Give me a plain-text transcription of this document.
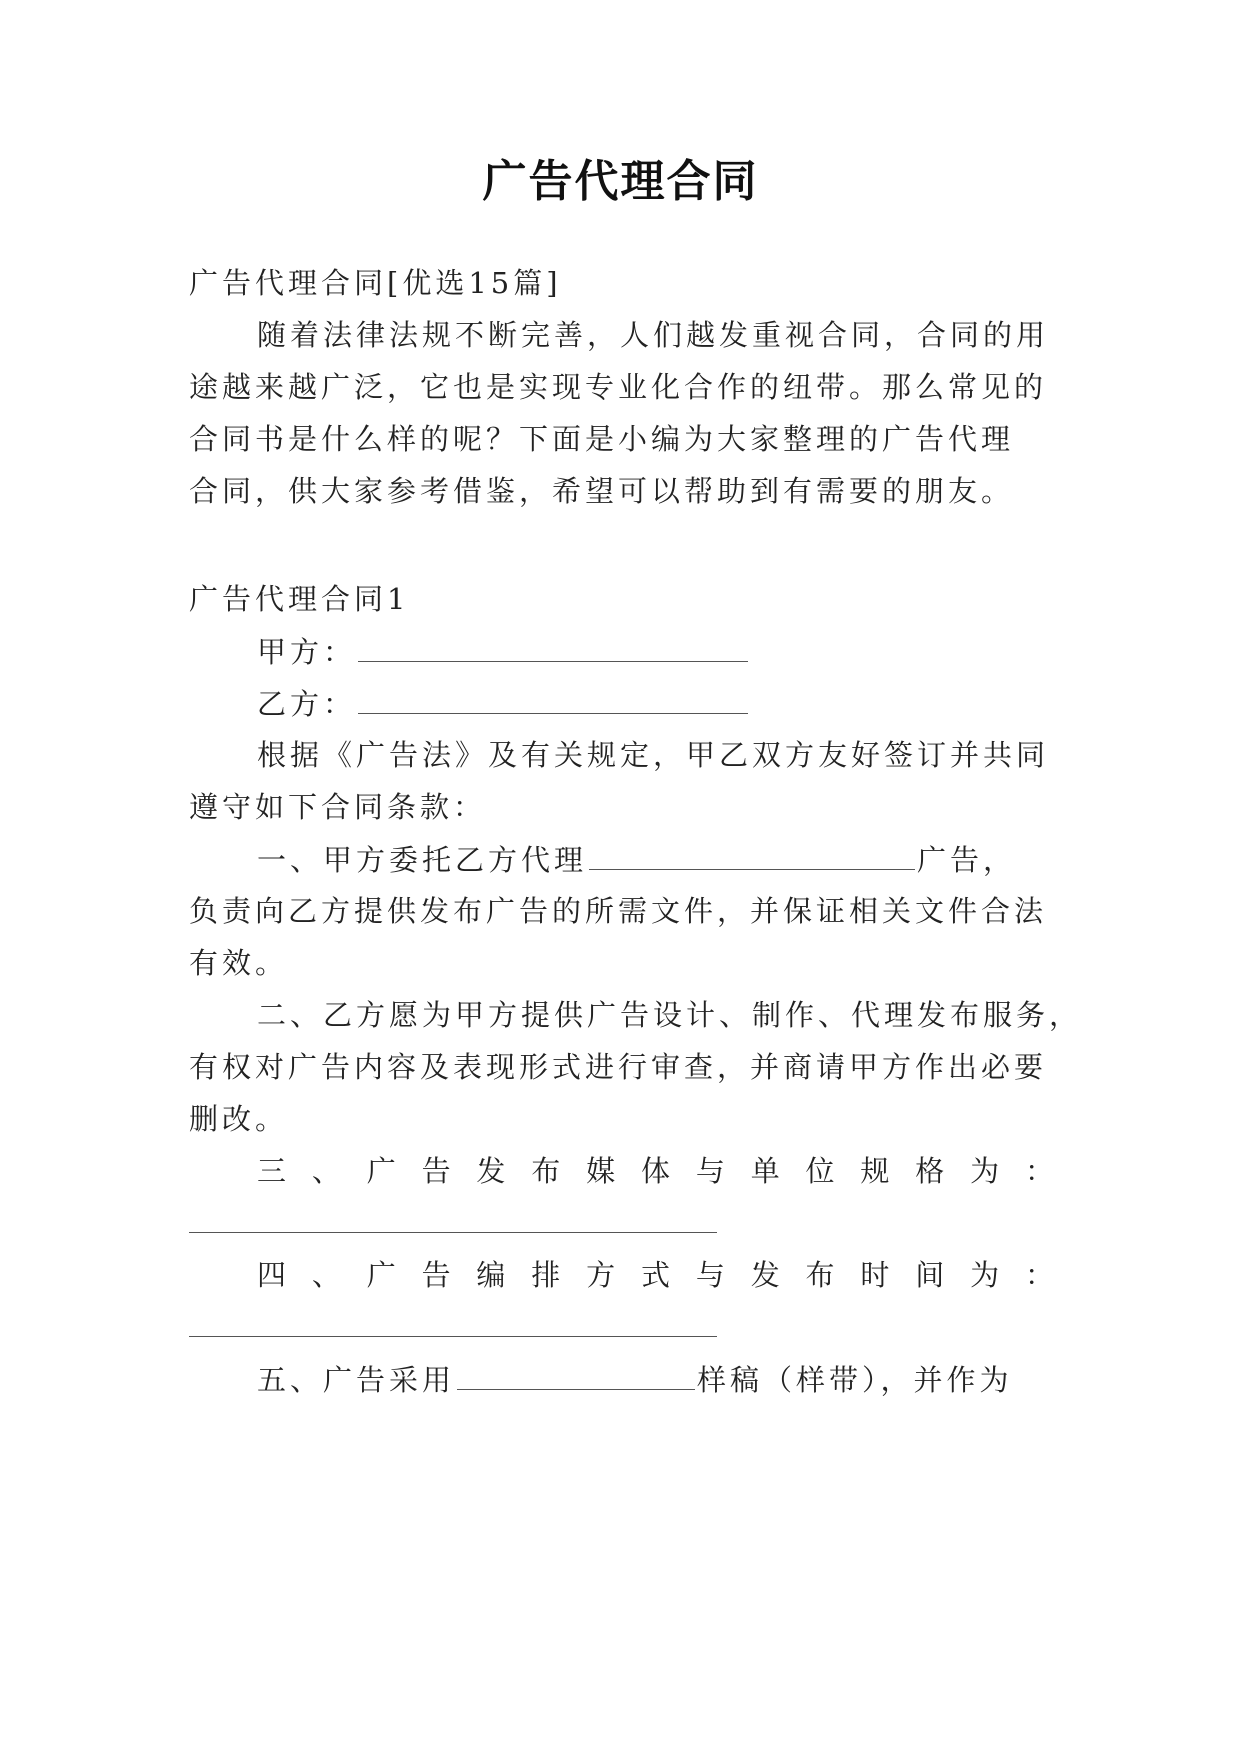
广告代理合同
广告代理合同[优选15篇]
随着法律法规不断完善，人们越发重视合同，合同的用
途越来越广泛，它也是实现专业化合作的纽带。那么常见的
合同书是什么样的呢？下面是小编为大家整理的广告代理
合同，供大家参考借鉴，希望可以帮助到有需要的朋友。
广告代理合同1
甲方：
乙方：
根据《广告法》及有关规定，甲乙双方友好签订并共同
遵守如下合同条款：
一、甲方委托乙方代理	广告，
负责向乙方提供发布广告的所需文件，并保证相关文件合法
有效。
二、乙方愿为甲方提供广告设计、制作、代理发布服务，
有权对广告内容及表现形式进行审查，并商请甲方作出必要
删改。
三、广告发布媒体与单位规格为：
四、广告编排方式与发布时间为：
五、广告采用	样稿（样带），并作为
